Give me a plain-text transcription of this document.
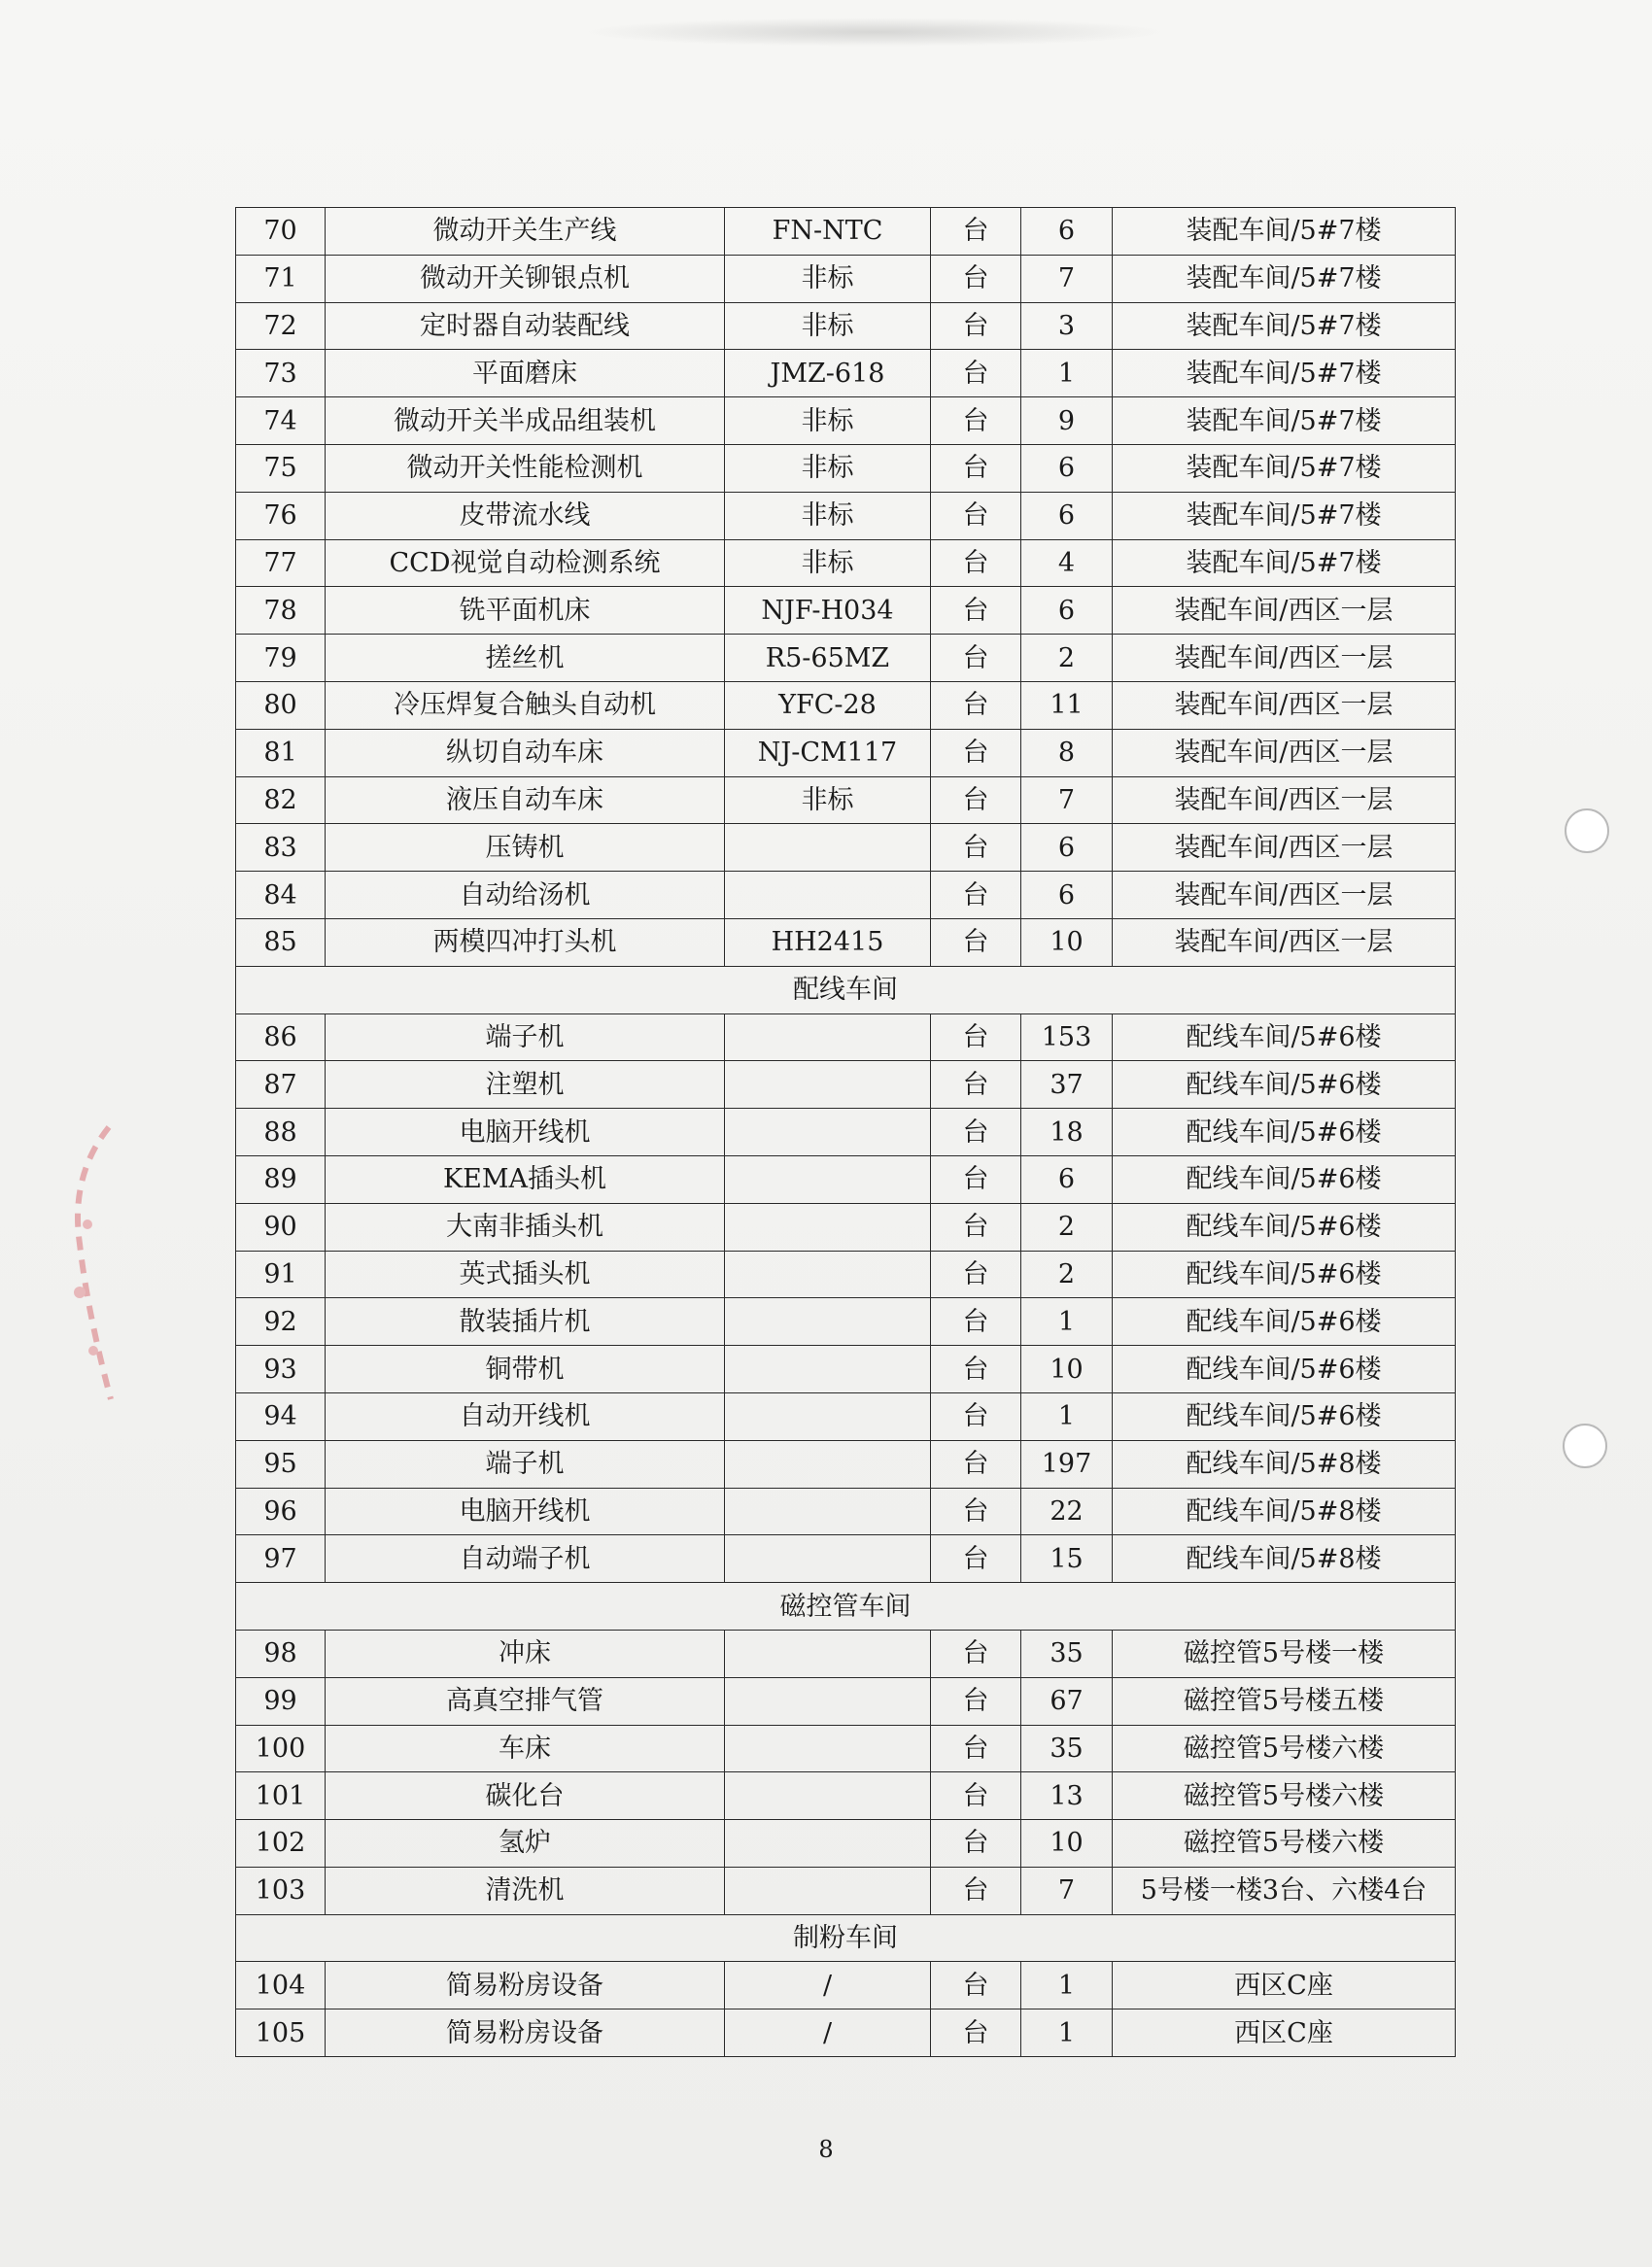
70	微动开关生产线	FN-NTC	台	6	装配车间/5#7楼
71	微动开关铆银点机	非标	台	7	装配车间/5#7楼
72	定时器自动装配线	非标	台	3	装配车间/5#7楼
73	平面磨床	JMZ-618	台	1	装配车间/5#7楼
74	微动开关半成品组装机	非标	台	9	装配车间/5#7楼
75	微动开关性能检测机	非标	台	6	装配车间/5#7楼
76	皮带流水线	非标	台	6	装配车间/5#7楼
77	CCD视觉自动检测系统	非标	台	4	装配车间/5#7楼
78	铣平面机床	NJF-H034	台	6	装配车间/西区一层
79	搓丝机	R5-65MZ	台	2	装配车间/西区一层
80	冷压焊复合触头自动机	YFC-28	台	11	装配车间/西区一层
81	纵切自动车床	NJ-CM117	台	8	装配车间/西区一层
82	液压自动车床	非标	台	7	装配车间/西区一层
83	压铸机		台	6	装配车间/西区一层
84	自动给汤机		台	6	装配车间/西区一层
85	两模四冲打头机	HH2415	台	10	装配车间/西区一层
配线车间					
86	端子机		台	153	配线车间/5#6楼
87	注塑机		台	37	配线车间/5#6楼
88	电脑开线机		台	18	配线车间/5#6楼
89	KEMA插头机		台	6	配线车间/5#6楼
90	大南非插头机		台	2	配线车间/5#6楼
91	英式插头机		台	2	配线车间/5#6楼
92	散装插片机		台	1	配线车间/5#6楼
93	铜带机		台	10	配线车间/5#6楼
94	自动开线机		台	1	配线车间/5#6楼
95	端子机		台	197	配线车间/5#8楼
96	电脑开线机		台	22	配线车间/5#8楼
97	自动端子机		台	15	配线车间/5#8楼
磁控管车间					
98	冲床		台	35	磁控管5号楼一楼
99	高真空排气管		台	67	磁控管5号楼五楼
100	车床		台	35	磁控管5号楼六楼
101	碳化台		台	13	磁控管5号楼六楼
102	氢炉		台	10	磁控管5号楼六楼
103	清洗机		台	7	5号楼一楼3台、六楼4台
制粉车间					
104	简易粉房设备	/	台	1	西区C座
105	简易粉房设备	/	台	1	西区C座
8
